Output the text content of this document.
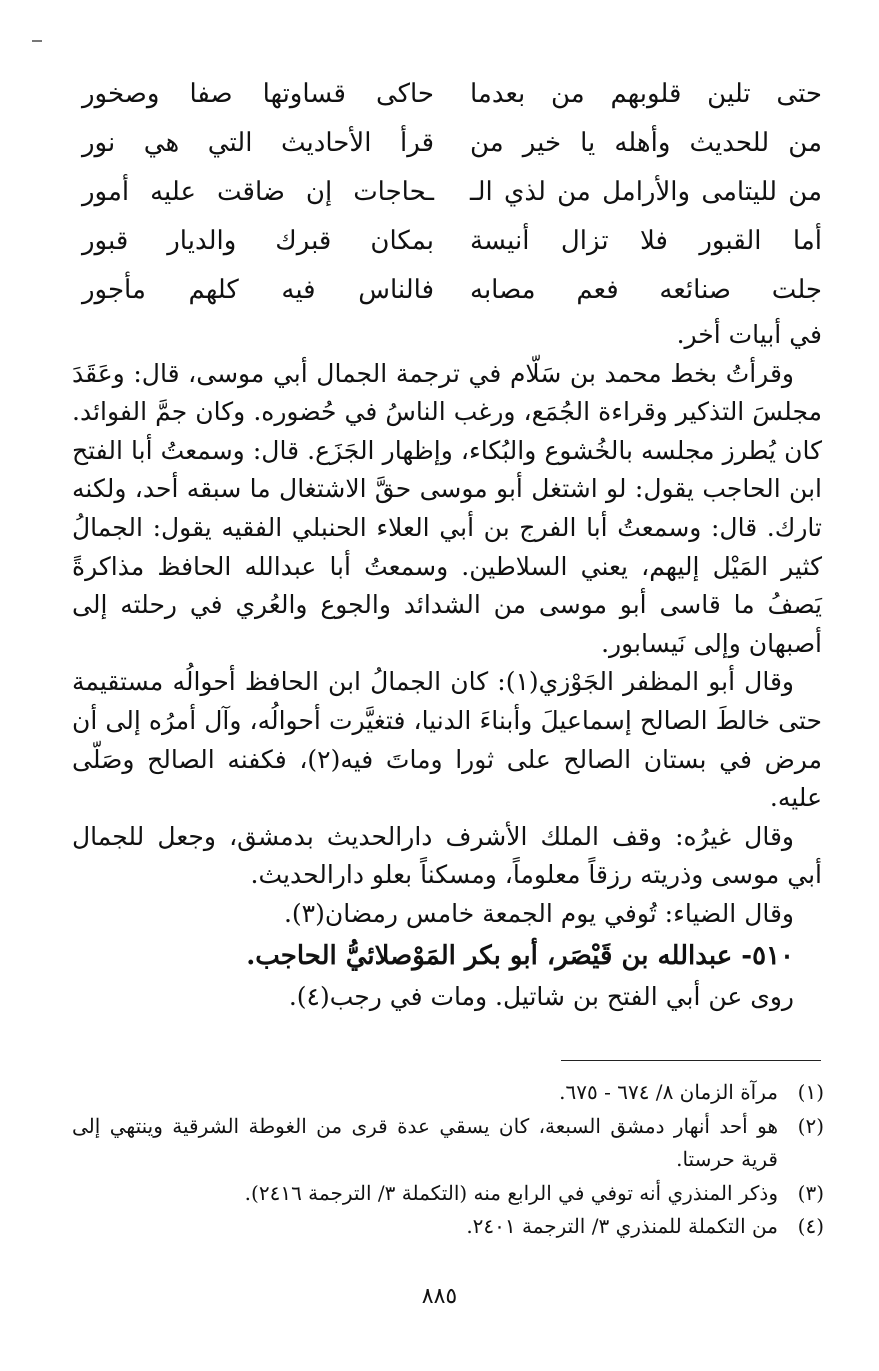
حتى تلين قلوبهم من بعدما
حاكى قساوتها صفا وصخور
من للحديث وأهله يا خير من
قرأ الأحاديث التي هي نور
من لليتامى والأرامل من لذي الـ
ـحاجات إن ضاقت عليه أمور
أما القبور فلا تزال أنيسة
بمكان قبرك والديار قبور
جلت صنائعه فعم مصابه
فالناس فيه كلهم مأجور

في أبيات أخر.

وقرأتُ بخط محمد بن سَلّام في ترجمة الجمال أبي موسى، قال: وعَقَدَ مجلسَ التذكير وقراءة الجُمَع، ورغب الناسُ في حُضوره. وكان جمَّ الفوائد. كان يُطرز مجلسه بالخُشوع والبُكاء، وإظهار الجَزَع. قال: وسمعتُ أبا الفتح ابن الحاجب يقول: لو اشتغل أبو موسى حقَّ الاشتغال ما سبقه أحد، ولكنه تارك. قال: وسمعتُ أبا الفرج بن أبي العلاء الحنبلي الفقيه يقول: الجمالُ كثير المَيْل إليهم، يعني السلاطين. وسمعتُ أبا عبدالله الحافظ مذاكرةً يَصفُ ما قاسى أبو موسى من الشدائد والجوع والعُري في رحلته إلى أصبهان وإلى نَيسابور.

وقال أبو المظفر الجَوْزي(١): كان الجمالُ ابن الحافظ أحوالُه مستقيمة حتى خالطَ الصالح إسماعيلَ وأبناءَ الدنيا، فتغيَّرت أحوالُه، وآل أمرُه إلى أن مرض في بستان الصالح على ثورا وماتَ فيه(٢)، فكفنه الصالح وصَلّى عليه.

وقال غيرُه: وقف الملك الأشرف دارالحديث بدمشق، وجعل للجمال أبي موسى وذريته رزقاً معلوماً، ومسكناً بعلو دارالحديث.

وقال الضياء: تُوفي يوم الجمعة خامس رمضان(٣).

٥١٠- عبدالله بن قَيْصَر، أبو بكر المَوْصلائيُّ الحاجب.

روى عن أبي الفتح بن شاتيل. ومات في رجب(٤).

(١)
مرآة الزمان ٨/ ٦٧٤ - ٦٧٥.
(٢)
هو أحد أنهار دمشق السبعة، كان يسقي عدة قرى من الغوطة الشرقية وينتهي إلى قرية حرستا.
(٣)
وذكر المنذري أنه توفي في الرابع منه (التكملة ٣/ الترجمة ٢٤١٦).
(٤)
من التكملة للمنذري ٣/ الترجمة ٢٤٠١.
٨٨٥
